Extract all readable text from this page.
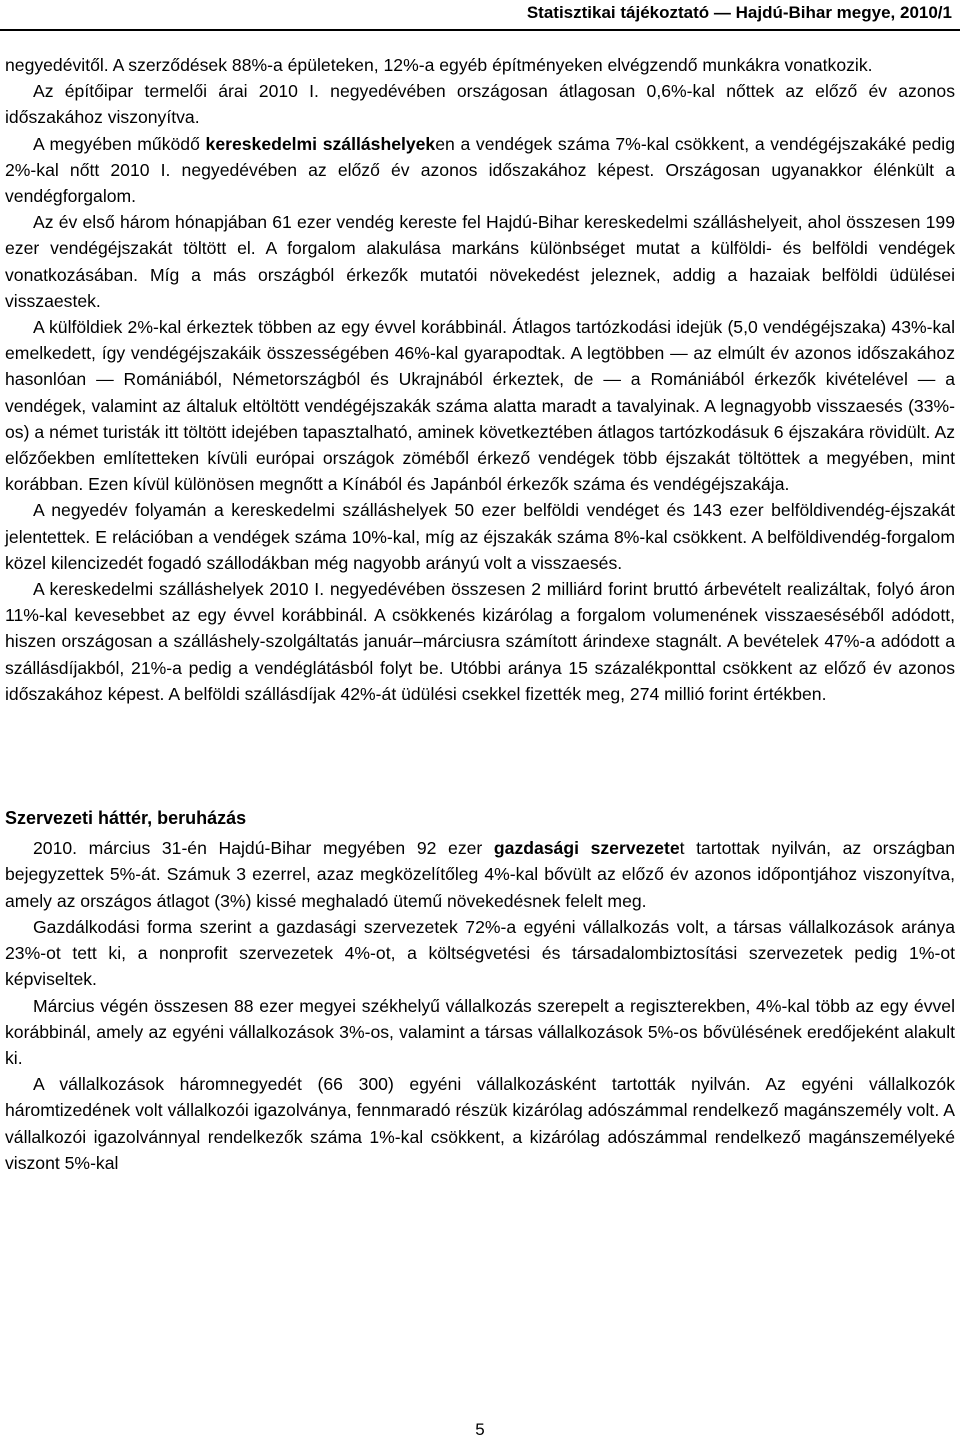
Statisztikai tájékoztató — Hajdú-Bihar megye, 2010/1

negyedévitől. A szerződések 88%-a épületeken, 12%-a egyéb építményeken elvégzendő munkákra vonatkozik.

Az építőipar termelői árai 2010 I. negyedévében országosan átlagosan 0,6%-kal nőttek az előző év azonos időszakához viszonyítva.

A megyében működő kereskedelmi szálláshelyeken a vendégek száma 7%-kal csökkent, a vendégéjszakáké pedig 2%-kal nőtt 2010 I. negyedévében az előző év azonos időszakához képest. Országosan ugyanakkor élénkült a vendégforgalom.

Az év első három hónapjában 61 ezer vendég kereste fel Hajdú-Bihar kereskedelmi szálláshelyeit, ahol összesen 199 ezer vendégéjszakát töltött el. A forgalom alakulása markáns különbséget mutat a külföldi- és belföldi vendégek vonatkozásában. Míg a más országból érkezők mutatói növekedést jeleznek, addig a hazaiak belföldi üdülései visszaestek.

A külföldiek 2%-kal érkeztek többen az egy évvel korábbinál. Átlagos tartózkodási idejük (5,0 vendégéjszaka) 43%-kal emelkedett, így vendégéjszakáik összességében 46%-kal gyarapodtak. A legtöbben — az elmúlt év azonos időszakához hasonlóan — Romániából, Németországból és Ukrajnából érkeztek, de — a Romániából érkezők kivételével — a vendégek, valamint az általuk eltöltött vendégéjszakák száma alatta maradt a tavalyinak. A legnagyobb visszaesés (33%-os) a német turisták itt töltött idejében tapasztalható, aminek következtében átlagos tartózkodásuk 6 éjszakára rövidült. Az előzőekben említetteken kívüli európai országok zöméből érkező vendégek több éjszakát töltöttek a megyében, mint korábban. Ezen kívül különösen megnőtt a Kínából és Japánból érkezők száma és vendégéjszakája.

A negyedév folyamán a kereskedelmi szálláshelyek 50 ezer belföldi vendéget és 143 ezer belföldivendég-éjszakát jelentettek. E relációban a vendégek száma 10%-kal, míg az éjszakák száma 8%-kal csökkent. A belföldivendég-forgalom közel kilencizedét fogadó szállodákban még nagyobb arányú volt a visszaesés.

A kereskedelmi szálláshelyek 2010 I. negyedévében összesen 2 milliárd forint bruttó árbevételt realizáltak, folyó áron 11%-kal kevesebbet az egy évvel korábbinál. A csökkenés kizárólag a forgalom volumenének visszaeséséből adódott, hiszen országosan a szálláshely-szolgáltatás január–márciusra számított árindexe stagnált. A bevételek 47%-a adódott a szállásdíjakból, 21%-a pedig a vendéglátásból folyt be. Utóbbi aránya 15 százalékponttal csökkent az előző év azonos időszakához képest. A belföldi szállásdíjak 42%-át üdülési csekkel fizették meg, 274 millió forint értékben.

Szervezeti háttér, beruházás

2010. március 31-én Hajdú-Bihar megyében 92 ezer gazdasági szervezetet tartottak nyilván, az országban bejegyzettek 5%-át. Számuk 3 ezerrel, azaz megközelítőleg 4%-kal bővült az előző év azonos időpontjához viszonyítva, amely az országos átlagot (3%) kissé meghaladó ütemű növekedésnek felelt meg.

Gazdálkodási forma szerint a gazdasági szervezetek 72%-a egyéni vállalkozás volt, a társas vállalkozások aránya 23%-ot tett ki, a nonprofit szervezetek 4%-ot, a költségvetési és társadalombiztosítási szervezetek pedig 1%-ot képviseltek.

Március végén összesen 88 ezer megyei székhelyű vállalkozás szerepelt a regiszterekben, 4%-kal több az egy évvel korábbinál, amely az egyéni vállalkozások 3%-os, valamint a társas vállalkozások 5%-os bővülésének eredőjeként alakult ki.

A vállalkozások háromnegyedét (66 300) egyéni vállalkozásként tartották nyilván. Az egyéni vállalkozók háromtizedének volt vállalkozói igazolványa, fennmaradó részük kizárólag adószámmal rendelkező magánszemély volt. A vállalkozói igazolvánnyal rendelkezők száma 1%-kal csökkent, a kizárólag adószámmal rendelkező magánszemélyeké viszont 5%-kal

5
